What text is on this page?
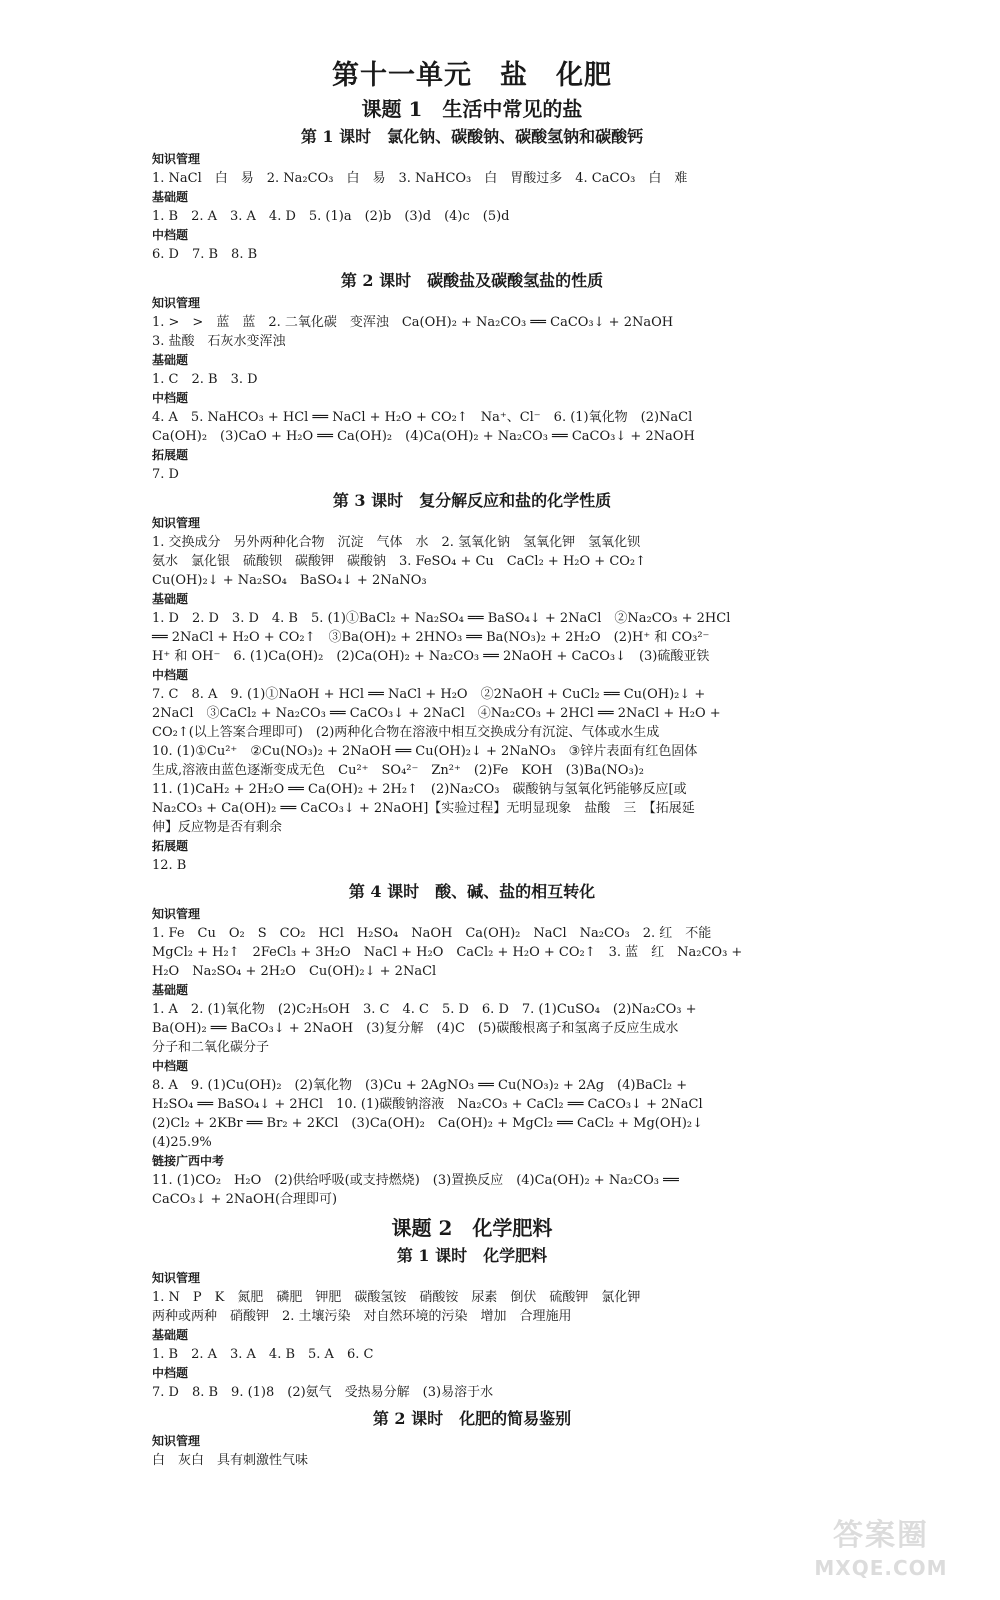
第十一单元　盐　化肥
课题 1　生活中常见的盐
第 1 课时　氯化钠、碳酸钠、碳酸氢钠和碳酸钙
知识管理
1. NaCl　白　易　2. Na₂CO₃　白　易　3. NaHCO₃　白　胃酸过多　4. CaCO₃　白　难
基础题
1. B　2. A　3. A　4. D　5. (1)a　(2)b　(3)d　(4)c　(5)d
中档题
6. D　7. B　8. B
第 2 课时　碳酸盐及碳酸氢盐的性质
知识管理
1. >　>　蓝　蓝　2. 二氧化碳　变浑浊　Ca(OH)₂ + Na₂CO₃ ══ CaCO₃↓ + 2NaOH
3. 盐酸　石灰水变浑浊
基础题
1. C　2. B　3. D
中档题
4. A　5. NaHCO₃ + HCl ══ NaCl + H₂O + CO₂↑　Na⁺、Cl⁻　6. (1)氧化物　(2)NaCl
Ca(OH)₂　(3)CaO + H₂O ══ Ca(OH)₂　(4)Ca(OH)₂ + Na₂CO₃ ══ CaCO₃↓ + 2NaOH
拓展题
7. D
第 3 课时　复分解反应和盐的化学性质
知识管理
1. 交换成分　另外两种化合物　沉淀　气体　水　2. 氢氧化钠　氢氧化钾　氢氧化钡
氨水　氯化银　硫酸钡　碳酸钾　碳酸钠　3. FeSO₄ + Cu　CaCl₂ + H₂O + CO₂↑
Cu(OH)₂↓ + Na₂SO₄　BaSO₄↓ + 2NaNO₃
基础题
1. D　2. D　3. D　4. B　5. (1)①BaCl₂ + Na₂SO₄ ══ BaSO₄↓ + 2NaCl　②Na₂CO₃ + 2HCl
══ 2NaCl + H₂O + CO₂↑　③Ba(OH)₂ + 2HNO₃ ══ Ba(NO₃)₂ + 2H₂O　(2)H⁺ 和 CO₃²⁻
H⁺ 和 OH⁻　6. (1)Ca(OH)₂　(2)Ca(OH)₂ + Na₂CO₃ ══ 2NaOH + CaCO₃↓　(3)硫酸亚铁
中档题
7. C　8. A　9. (1)①NaOH + HCl ══ NaCl + H₂O　②2NaOH + CuCl₂ ══ Cu(OH)₂↓ +
2NaCl　③CaCl₂ + Na₂CO₃ ══ CaCO₃↓ + 2NaCl　④Na₂CO₃ + 2HCl ══ 2NaCl + H₂O +
CO₂↑(以上答案合理即可)　(2)两种化合物在溶液中相互交换成分有沉淀、气体或水生成
10. (1)①Cu²⁺　②Cu(NO₃)₂ + 2NaOH ══ Cu(OH)₂↓ + 2NaNO₃　③锌片表面有红色固体
生成,溶液由蓝色逐渐变成无色　Cu²⁺　SO₄²⁻　Zn²⁺　(2)Fe　KOH　(3)Ba(NO₃)₂
11. (1)CaH₂ + 2H₂O ══ Ca(OH)₂ + 2H₂↑　(2)Na₂CO₃　碳酸钠与氢氧化钙能够反应[或
Na₂CO₃ + Ca(OH)₂ ══ CaCO₃↓ + 2NaOH]【实验过程】无明显现象　盐酸　三　【拓展延
伸】反应物是否有剩余
拓展题
12. B
第 4 课时　酸、碱、盐的相互转化
知识管理
1. Fe　Cu　O₂　S　CO₂　HCl　H₂SO₄　NaOH　Ca(OH)₂　NaCl　Na₂CO₃　2. 红　不能
MgCl₂ + H₂↑　2FeCl₃ + 3H₂O　NaCl + H₂O　CaCl₂ + H₂O + CO₂↑　3. 蓝　红　Na₂CO₃ +
H₂O　Na₂SO₄ + 2H₂O　Cu(OH)₂↓ + 2NaCl
基础题
1. A　2. (1)氧化物　(2)C₂H₅OH　3. C　4. C　5. D　6. D　7. (1)CuSO₄　(2)Na₂CO₃ +
Ba(OH)₂ ══ BaCO₃↓ + 2NaOH　(3)复分解　(4)C　(5)碳酸根离子和氢离子反应生成水
分子和二氧化碳分子
中档题
8. A　9. (1)Cu(OH)₂　(2)氧化物　(3)Cu + 2AgNO₃ ══ Cu(NO₃)₂ + 2Ag　(4)BaCl₂ +
H₂SO₄ ══ BaSO₄↓ + 2HCl　10. (1)碳酸钠溶液　Na₂CO₃ + CaCl₂ ══ CaCO₃↓ + 2NaCl
(2)Cl₂ + 2KBr ══ Br₂ + 2KCl　(3)Ca(OH)₂　Ca(OH)₂ + MgCl₂ ══ CaCl₂ + Mg(OH)₂↓
(4)25.9%
链接广西中考
11. (1)CO₂　H₂O　(2)供给呼吸(或支持燃烧)　(3)置换反应　(4)Ca(OH)₂ + Na₂CO₃ ══
CaCO₃↓ + 2NaOH(合理即可)
课题 2　化学肥料
第 1 课时　化学肥料
知识管理
1. N　P　K　氮肥　磷肥　钾肥　碳酸氢铵　硝酸铵　尿素　倒伏　硫酸钾　氯化钾
两种或两种　硝酸钾　2. 土壤污染　对自然环境的污染　增加　合理施用
基础题
1. B　2. A　3. A　4. B　5. A　6. C
中档题
7. D　8. B　9. (1)8　(2)氨气　受热易分解　(3)易溶于水
第 2 课时　化肥的简易鉴别
知识管理
白　灰白　具有刺激性气味
答案圈
MXQE.COM
